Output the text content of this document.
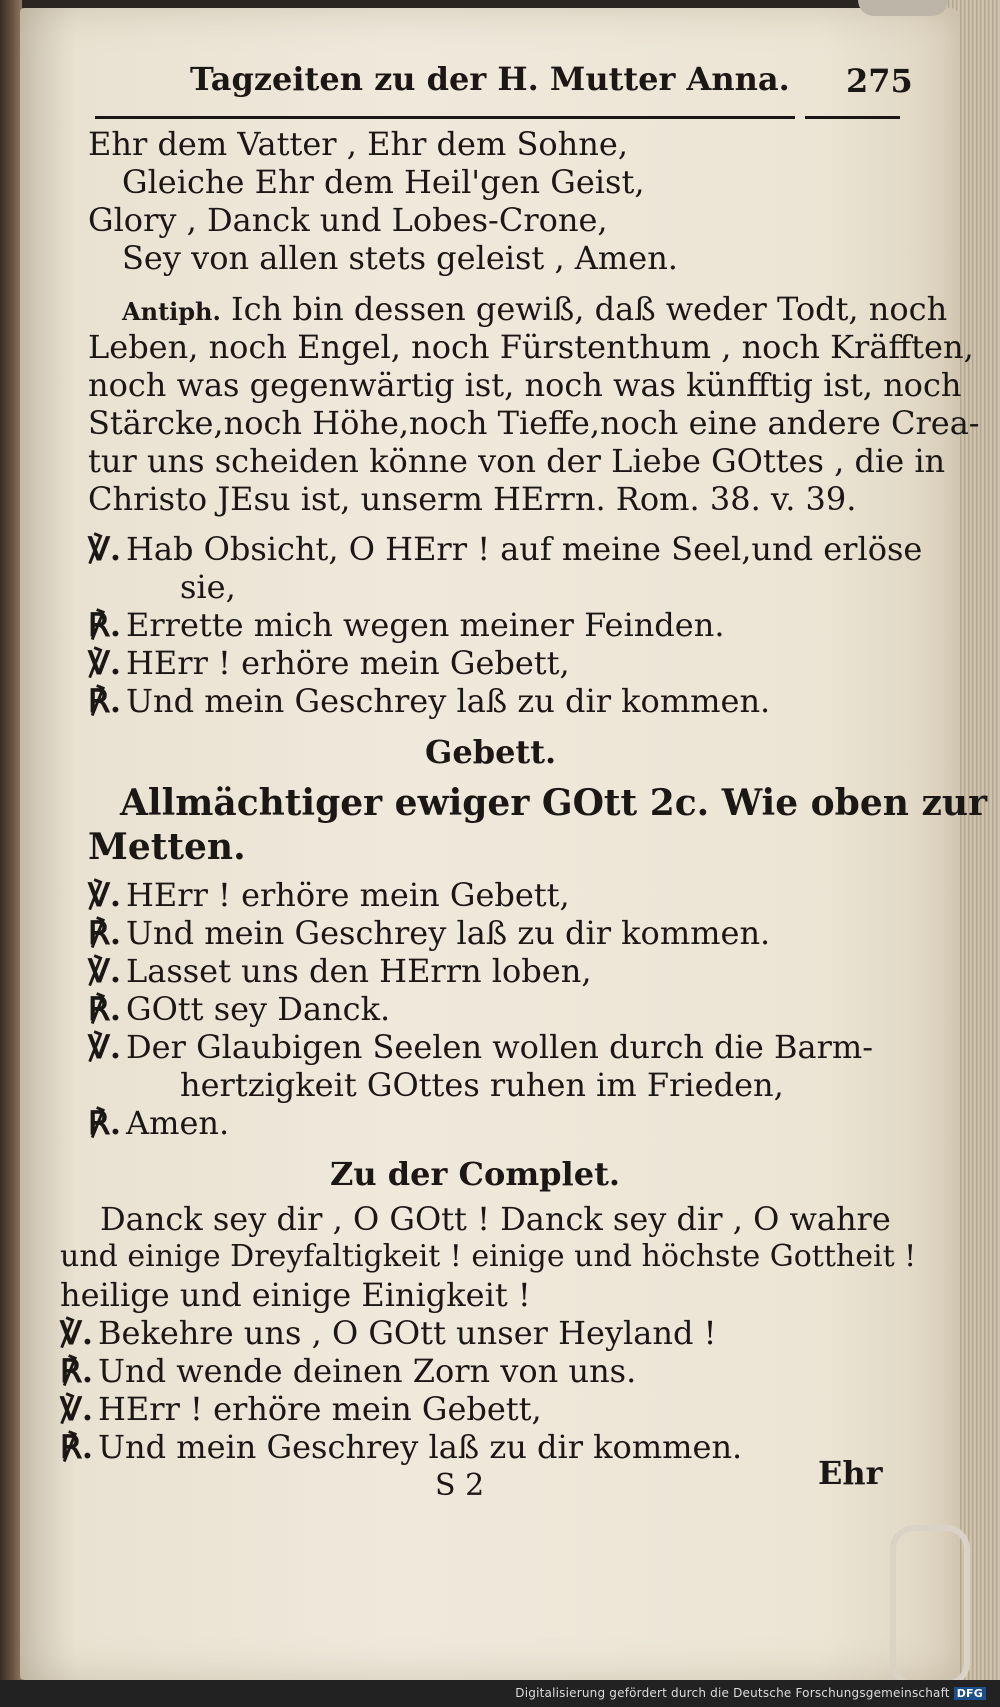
Tagzeiten zu der H. Mutter Anna. 275
Ehr dem Vatter , Ehr dem Sohne,
Gleiche Ehr dem Heil'gen Geist,
Glory , Danck und Lobes-Crone,
Sey von allen stets geleist , Amen.
Antiph. Ich bin dessen gewiß, daß weder Todt, noch
Leben, noch Engel, noch Fürstenthum , noch Kräfften,
noch was gegenwärtig ist, noch was künfftig ist, noch
Stärcke,noch Höhe,noch Tieffe,noch eine andere Crea-
tur uns scheiden könne von der Liebe GOttes , die in
Christo JEsu ist, unserm HErrn. Rom. 38. v. 39.
℣. Hab Obsicht, O HErr ! auf meine Seel,und erlöse
sie,
℟. Errette mich wegen meiner Feinden.
℣. HErr ! erhöre mein Gebett,
℟. Und mein Geschrey laß zu dir kommen.
Gebett.
Allmächtiger ewiger GOtt 2c. Wie oben zur
Metten.
℣. HErr ! erhöre mein Gebett,
℟. Und mein Geschrey laß zu dir kommen.
℣. Lasset uns den HErrn loben,
℟. GOtt sey Danck.
℣. Der Glaubigen Seelen wollen durch die Barm-
hertzigkeit GOttes ruhen im Frieden,
℟. Amen.
Zu der Complet.
Danck sey dir , O GOtt ! Danck sey dir , O wahre
und einige Dreyfaltigkeit ! einige und höchste Gottheit !
heilige und einige Einigkeit !
℣. Bekehre uns , O GOtt unser Heyland !
℟. Und wende deinen Zorn von uns.
℣. HErr ! erhöre mein Gebett,
℟. Und mein Geschrey laß zu dir kommen.
S 2	Ehr
Digitalisierung gefördert durch die Deutsche Forschungsgemeinschaft DFG
